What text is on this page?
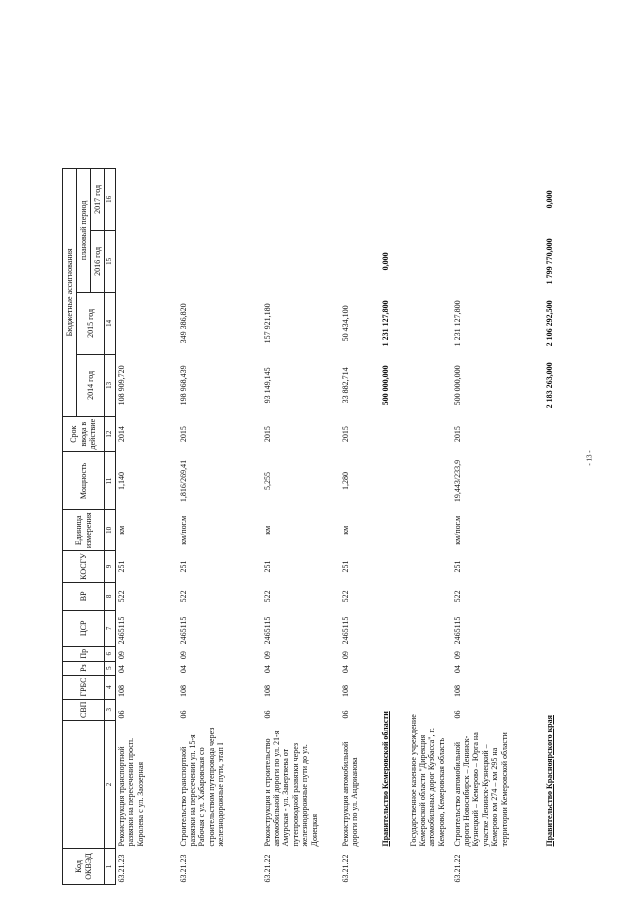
- 13 -
Код ОКВЭД		СВП	ГРБС	Рз	Пр	ЦСР	ВР	КОСГУ	Единица измерения	Мощность	Срок ввода в действие	Бюджетные ассигнования			
												2014 год	2015 год	плановый период	
														2016 год	2017 год
1	2	3	4	5	6	7	8	9	10	11	12	13	14	15	16
63.21.23	Реконструкция транспортной развязки на пересечении просп. Королева с ул. Заозерная	06	108	04	09	2465115	522	251	км	1,140	2014	108 909,720			
63.21.23	Строительство транспортной развязки на пересечении ул. 15-я Рабочая с ул. Хабаровская со строительством путепровода через железнодорожные пути, этап I	06	108	04	09	2465115	522	251	км/пог.м	1,816/269,41	2015	198 968,439	349 386,820		
63.21.22	Реконструкция и строительство автомобильной дороги по ул. 21-я Амурская - ул. Завертяева от путепроводной развязки через железнодорожные пути до ул. Донецкая	06	108	04	09	2465115	522	251	км	5,255	2015	93 149,145	157 921,180		
63.21.22	Реконструкция автомобильной дороги по ул. Андрианова	06	108	04	09	2465115	522	251	км	1,280	2015	33 882,714	50 434,100		
	Правительство Кемеровской области											500 000,000	1 231 127,800	0,000	

	Государственное казенное учреждение Кемеровской области "Дирекция автомобильных дорог Кузбасса", г. Кемерово, Кемеровская область														

63.21.22	Строительство автомобильной дороги Новосибирск – Ленинск-Кузнецкий – Кемерово – Юрга на участке Ленинск-Кузнецкий – Кемерово км 274 – км 295 на территории Кемеровской области	06	108	04	09	2465115	522	251	км/пог.м	19,443/233,9	2015	500 000,000	1 231 127,800		
	Правительство Красноярского края											2 183 263,000	2 106 292,500	1 799 770,000	0,000
